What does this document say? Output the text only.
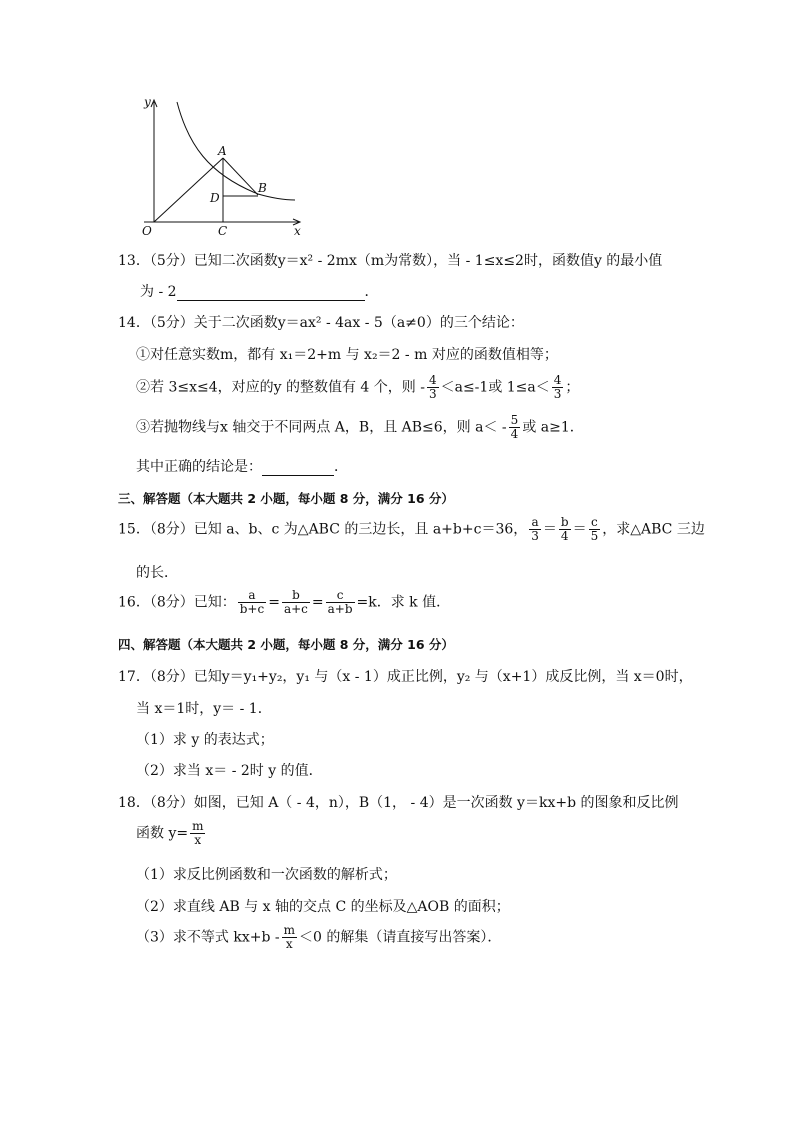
y
x
O
A
B
C
D
13．（5分）已知二次函数y＝x² - 2mx（m为常数），当 - 1≤x≤2时，函数值y 的最小值
为 - 2	．
14．（5分）关于二次函数y＝ax² - 4ax - 5（a≠0）的三个结论：
①对任意实数m，都有 x₁＝2+m 与 x₂＝2 - m 对应的函数值相等；
②若 3≤x≤4，对应的y 的整数值有 4 个，则 - $\frac{4}{3} <a\le-1$或 $1\le a< \frac{4}{3}$ ；
③若抛物线与x 轴交于不同两点 A，B，且 AB≤6，则 $a< - \frac{5}{4}$ 或 a≥1．
其中正确的结论是：	．
三、解答题（本大题共 2 小题，每小题 8 分，满分 16 分）
15．（8分）已知 a、b、c 为△ABC 的三边长，且 a+b+c＝36， $\frac{a}{3} = \frac{b}{4} = \frac{c}{5}$ ，求△ABC 三边
的长．
16．（8分）已知： $\frac{a}{b+c} = \frac{b}{a+c} = \frac{c}{a+b} =k$．求 k 值．
四、解答题（本大题共 2 小题，每小题 8 分，满分 16 分）
17．（8分）已知y＝y₁+y₂，y₁ 与（x - 1）成正比例，y₂ 与（x+1）成反比例，当 x＝0时，
当 x＝1时，y＝ - 1．
（1）求 y 的表达式；
（2）求当 x＝ - 2时 y 的值．
18．（8分）如图，已知 A（ - 4，n），B（1， - 4）是一次函数 y＝kx+b 的图象和反比例
函数 $y= \frac{m}{x}$
（1）求反比例函数和一次函数的解析式；
（2）求直线 AB 与 x 轴的交点 C 的坐标及△AOB 的面积；
（3）求不等式 $kx+b - \frac{m}{x} <0$ 的解集（请直接写出答案）．
